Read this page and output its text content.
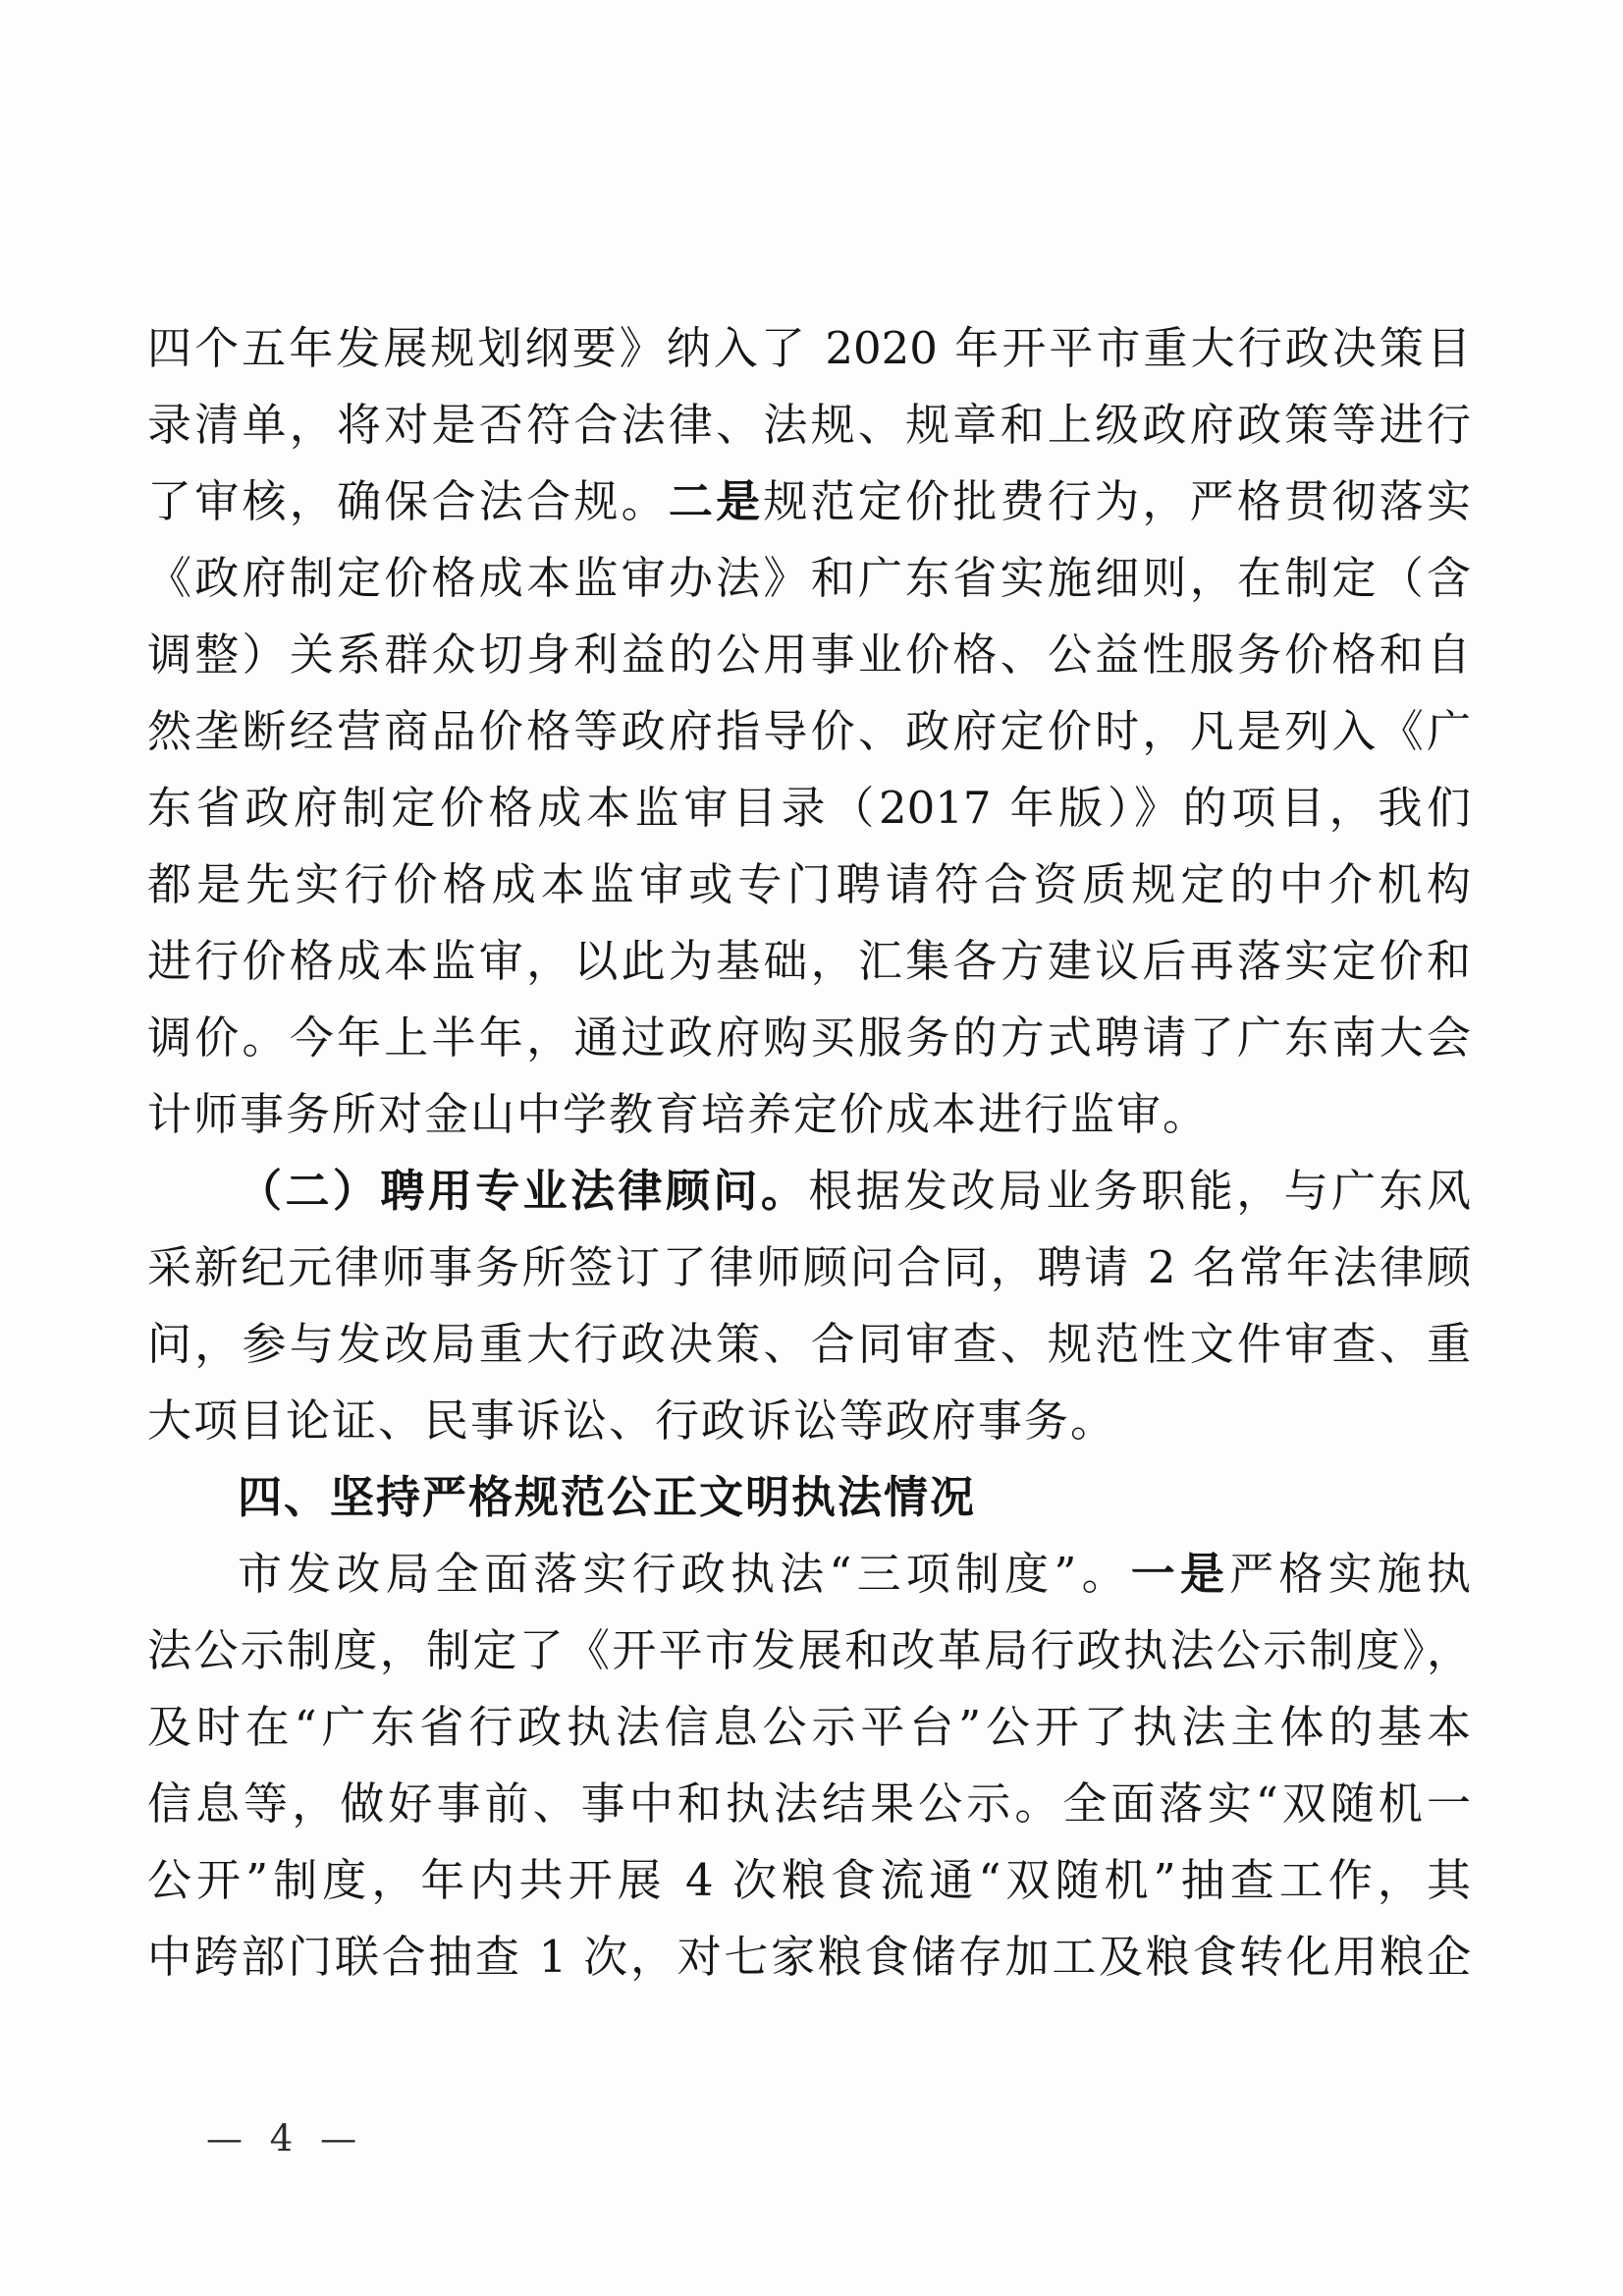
四个五年发展规划纲要》纳入了 2020 年开平市重大行政决策目
录清单，将对是否符合法律、法规、规章和上级政府政策等进行
了审核，确保合法合规。二是规范定价批费行为，严格贯彻落实
《政府制定价格成本监审办法》和广东省实施细则，在制定（含
调整）关系群众切身利益的公用事业价格、公益性服务价格和自
然垄断经营商品价格等政府指导价、政府定价时，凡是列入《广
东省政府制定价格成本监审目录（2017 年版）》的项目，我们
都是先实行价格成本监审或专门聘请符合资质规定的中介机构
进行价格成本监审，以此为基础，汇集各方建议后再落实定价和
调价。今年上半年，通过政府购买服务的方式聘请了广东南大会
计师事务所对金山中学教育培养定价成本进行监审。
（二）聘用专业法律顾问。根据发改局业务职能，与广东风
采新纪元律师事务所签订了律师顾问合同，聘请 2 名常年法律顾
问，参与发改局重大行政决策、合同审查、规范性文件审查、重
大项目论证、民事诉讼、行政诉讼等政府事务。
四、坚持严格规范公正文明执法情况
市发改局全面落实行政执法“三项制度”。一是严格实施执
法公示制度，制定了《开平市发展和改革局行政执法公示制度》，
及时在“广东省行政执法信息公示平台”公开了执法主体的基本
信息等，做好事前、事中和执法结果公示。全面落实“双随机一
公开”制度，年内共开展 4 次粮食流通“双随机”抽查工作，其
中跨部门联合抽查 1 次，对七家粮食储存加工及粮食转化用粮企
— 4 —
